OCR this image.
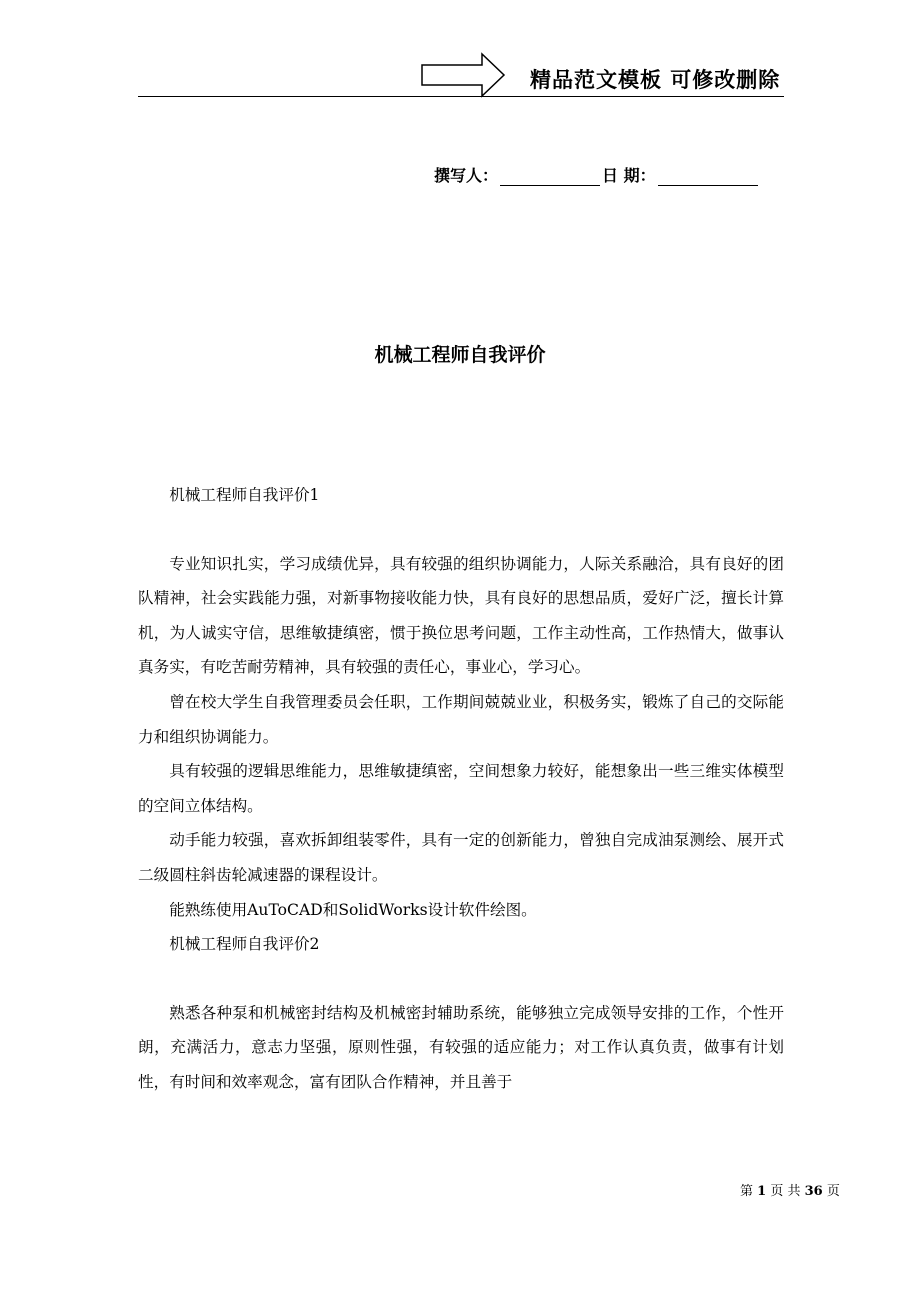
精品范文模板 可修改删除
撰写人：	日 期：
机械工程师自我评价

机械工程师自我评价1

专业知识扎实，学习成绩优异，具有较强的组织协调能力，人际关系融洽，具有良好的团队精神，社会实践能力强，对新事物接收能力快，具有良好的思想品质，爱好广泛，擅长计算机，为人诚实守信，思维敏捷缜密，惯于换位思考问题，工作主动性高，工作热情大，做事认真务实，有吃苦耐劳精神，具有较强的责任心，事业心，学习心。

曾在校大学生自我管理委员会任职，工作期间兢兢业业，积极务实，锻炼了自己的交际能力和组织协调能力。

具有较强的逻辑思维能力，思维敏捷缜密，空间想象力较好，能想象出一些三维实体模型的空间立体结构。

动手能力较强，喜欢拆卸组装零件，具有一定的创新能力，曾独自完成油泵测绘、展开式二级圆柱斜齿轮减速器的课程设计。

能熟练使用AuToCAD和SolidWorks设计软件绘图。

机械工程师自我评价2

熟悉各种泵和机械密封结构及机械密封辅助系统，能够独立完成领导安排的工作，个性开朗，充满活力，意志力坚强，原则性强，有较强的适应能力；对工作认真负责，做事有计划性，有时间和效率观念，富有团队合作精神，并且善于

第 1 页 共 36 页
